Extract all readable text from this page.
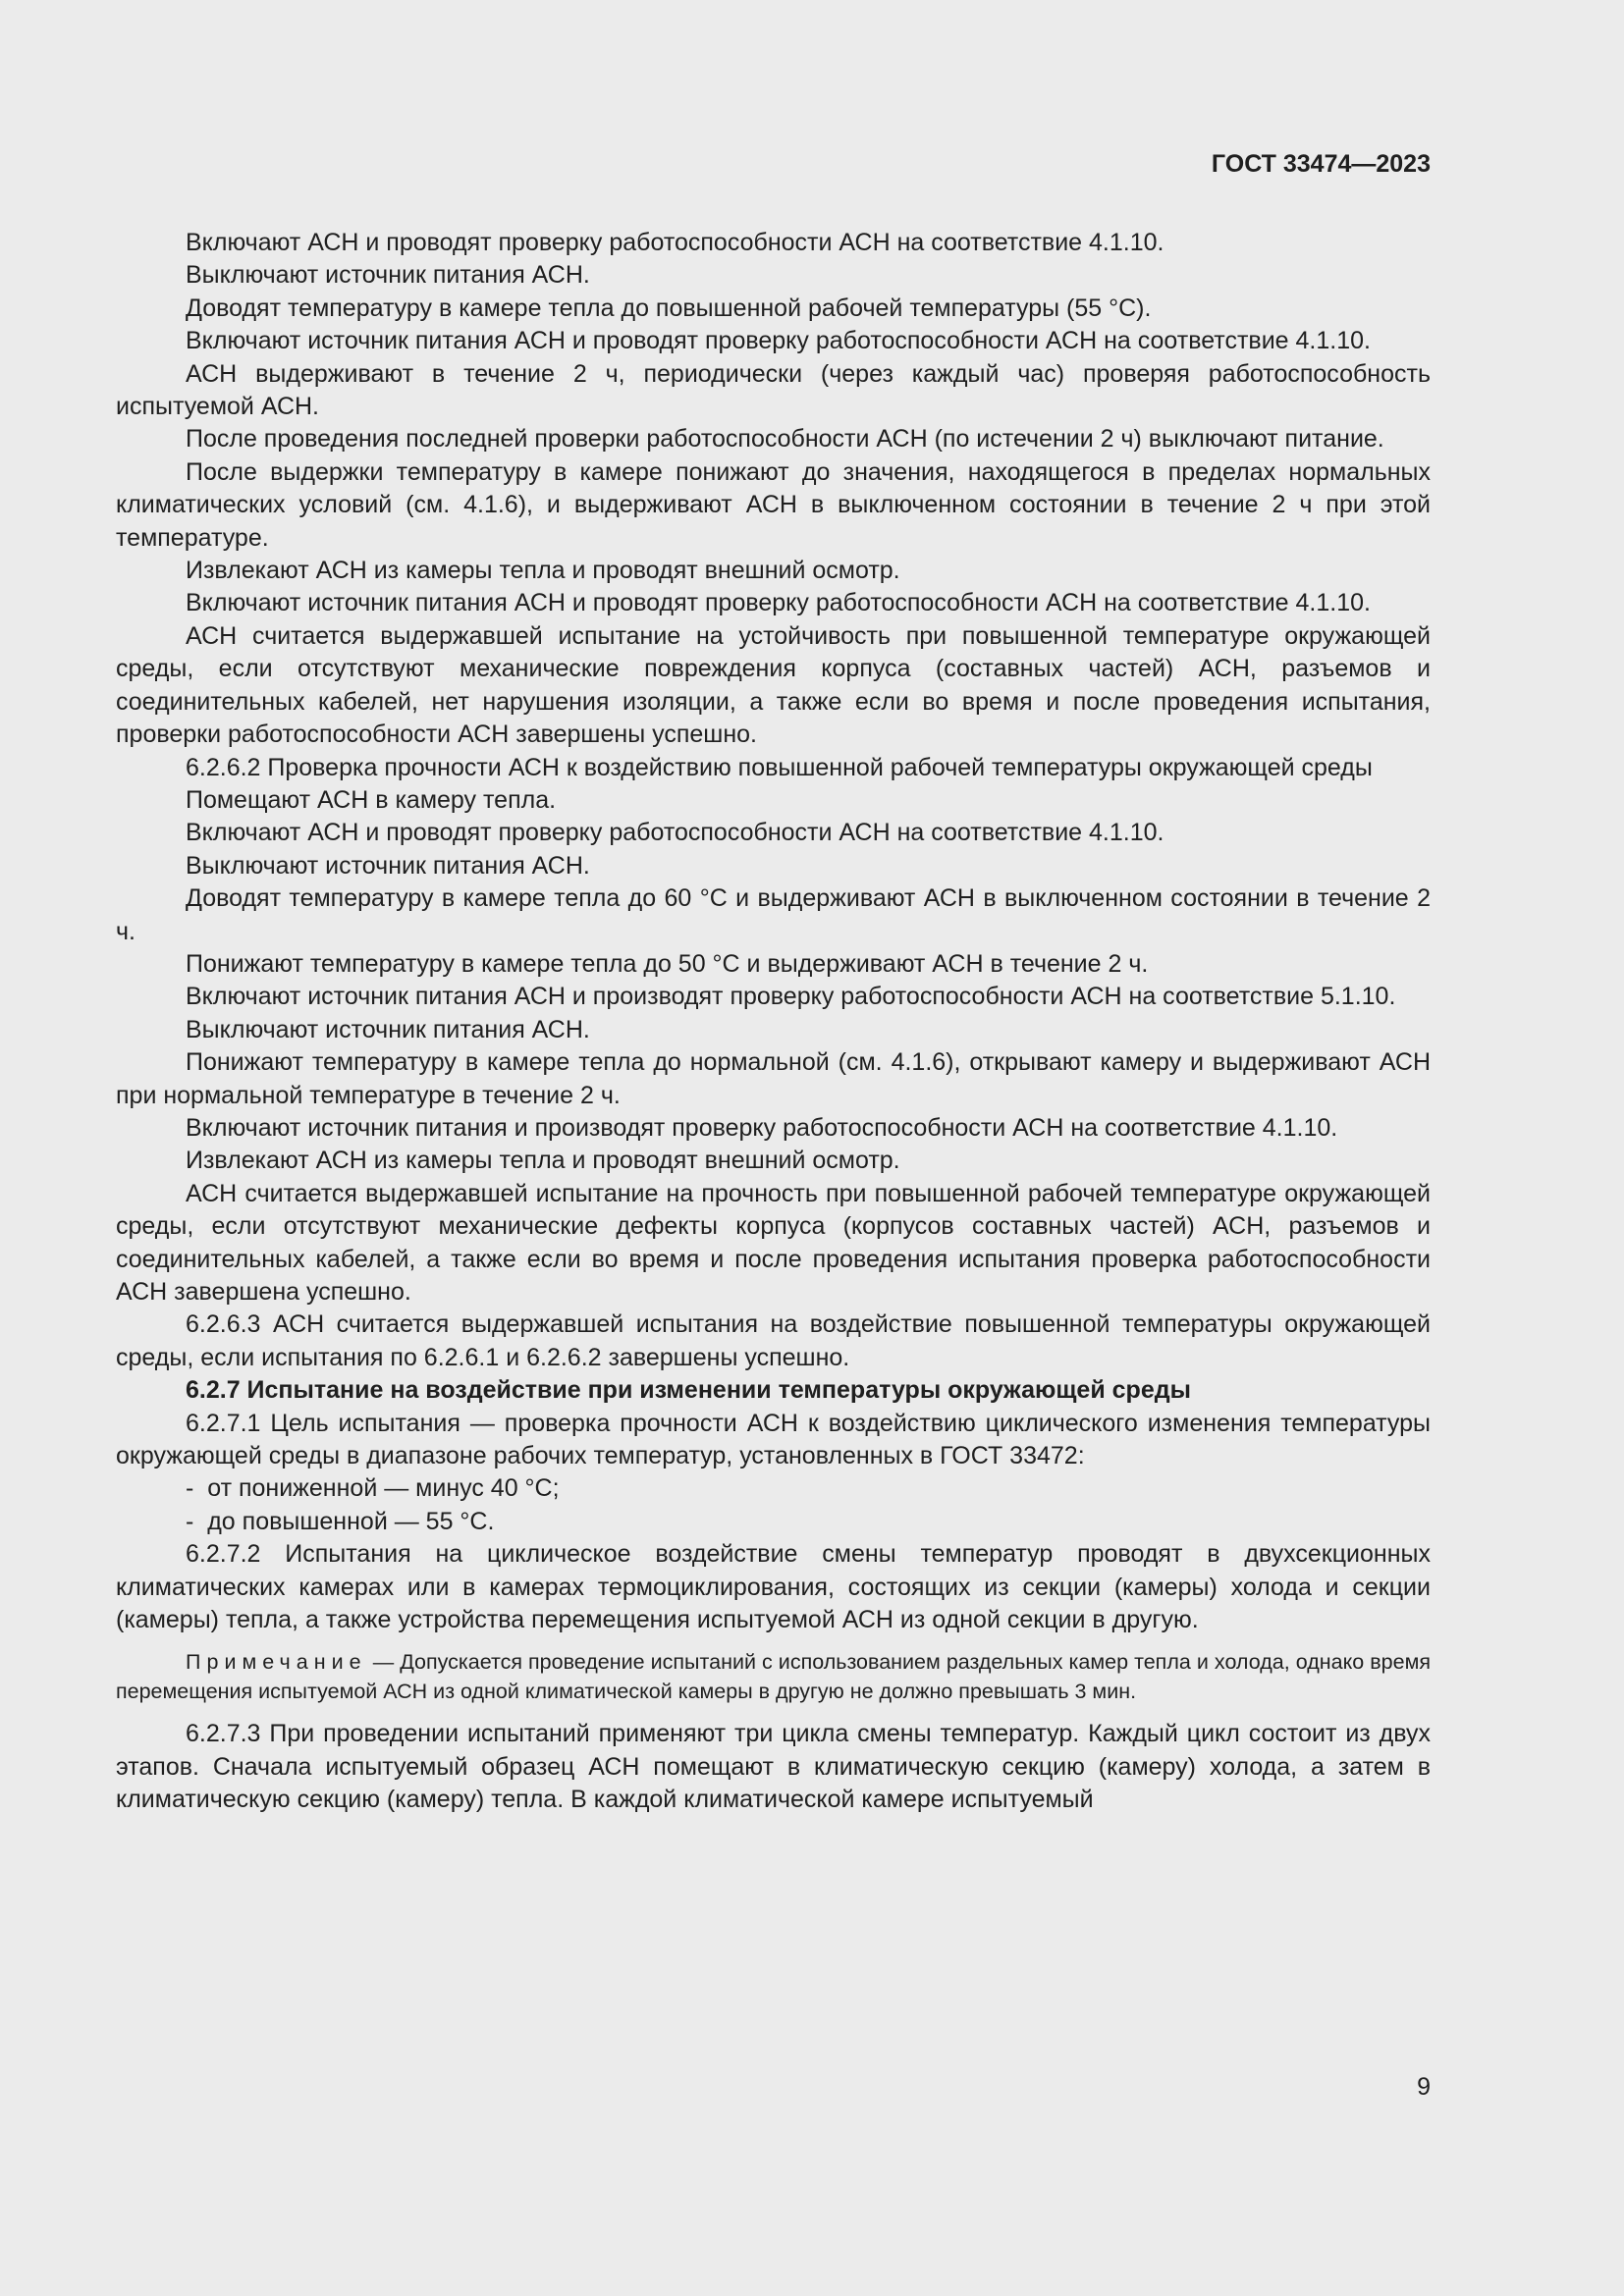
ГОСТ 33474—2023

Включают АСН и проводят проверку работоспособности АСН на соответствие 4.1.10.

Выключают источник питания АСН.

Доводят температуру в камере тепла до повышенной рабочей температуры (55 °С).

Включают источник питания АСН и проводят проверку работоспособности АСН на соответствие 4.1.10.

АСН выдерживают в течение 2 ч, периодически (через каждый час) проверяя работоспособность испытуемой АСН.

После проведения последней проверки работоспособности АСН (по истечении 2 ч) выключают питание.

После выдержки температуру в камере понижают до значения, находящегося в пределах нормальных климатических условий (см. 4.1.6), и выдерживают АСН в выключенном состоянии в течение 2 ч при этой температуре.

Извлекают АСН из камеры тепла и проводят внешний осмотр.

Включают источник питания АСН и проводят проверку работоспособности АСН на соответствие 4.1.10.

АСН считается выдержавшей испытание на устойчивость при повышенной температуре окружающей среды, если отсутствуют механические повреждения корпуса (составных частей) АСН, разъемов и соединительных кабелей, нет нарушения изоляции, а также если во время и после проведения испытания, проверки работоспособности АСН завершены успешно.

6.2.6.2 Проверка прочности АСН к воздействию повышенной рабочей температуры окружающей среды

Помещают АСН в камеру тепла.

Включают АСН и проводят проверку работоспособности АСН на соответствие 4.1.10.

Выключают источник питания АСН.

Доводят температуру в камере тепла до 60 °С и выдерживают АСН в выключенном состоянии в течение 2 ч.

Понижают температуру в камере тепла до 50 °С и выдерживают АСН в течение 2 ч.

Включают источник питания АСН и производят проверку работоспособности АСН на соответствие 5.1.10.

Выключают источник питания АСН.

Понижают температуру в камере тепла до нормальной (см. 4.1.6), открывают камеру и выдерживают АСН при нормальной температуре в течение 2 ч.

Включают источник питания и производят проверку работоспособности АСН на соответствие 4.1.10.

Извлекают АСН из камеры тепла и проводят внешний осмотр.

АСН считается выдержавшей испытание на прочность при повышенной рабочей температуре окружающей среды, если отсутствуют механические дефекты корпуса (корпусов составных частей) АСН, разъемов и соединительных кабелей, а также если во время и после проведения испытания проверка работоспособности АСН завершена успешно.

6.2.6.3 АСН считается выдержавшей испытания на воздействие повышенной температуры окружающей среды, если испытания по 6.2.6.1 и 6.2.6.2 завершены успешно.

6.2.7 Испытание на воздействие при изменении температуры окружающей среды

6.2.7.1 Цель испытания — проверка прочности АСН к воздействию циклического изменения температуры окружающей среды в диапазоне рабочих температур, установленных в ГОСТ 33472:

-  от пониженной — минус 40 °С;
-  до повышенной — 55 °С.

6.2.7.2 Испытания на циклическое воздействие смены температур проводят в двухсекционных климатических камерах или в камерах термоциклирования, состоящих из секции (камеры) холода и секции (камеры) тепла, а также устройства перемещения испытуемой АСН из одной секции в другую.

Примечание — Допускается проведение испытаний с использованием раздельных камер тепла и холода, однако время перемещения испытуемой АСН из одной климатической камеры в другую не должно превышать 3 мин.

6.2.7.3 При проведении испытаний применяют три цикла смены температур. Каждый цикл состоит из двух этапов. Сначала испытуемый образец АСН помещают в климатическую секцию (камеру) холода, а затем в климатическую секцию (камеру) тепла. В каждой климатической камере испытуемый

9
